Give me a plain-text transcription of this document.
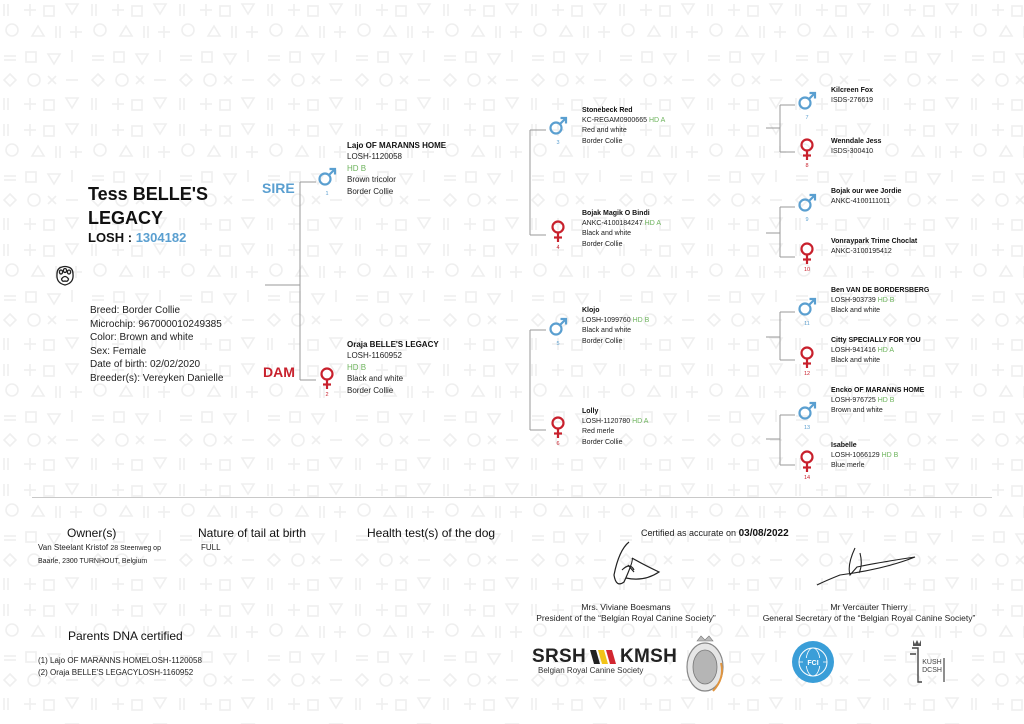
Tess BELLE'S LEGACY
LOSH : 1304182
Breed: Border Collie
Microchip: 967000010249385
Color: Brown and white
Sex: Female
Date of birth: 02/02/2020
Breeder(s): Vereyken Danielle
SIRE
DAM
1
Lajo OF MARANNS HOME
LOSH-1120058
HD B
Brown tricolor
Border Collie
2
Oraja BELLE'S LEGACY
LOSH-1160952
HD B
Black and white
Border Collie
3
Stonebeck Red
KC-REGAM0900665 HD A
Red and white
Border Collie
4
Bojak Magik O Bindi
ANKC-4100184247 HD A
Black and white
Border Collie
5
Klojo
LOSH-1099760 HD B
Black and white
Border Collie
6
Lolly
LOSH-1120780 HD A
Red merle
Border Collie
7
Kilcreen Fox
ISDS-276619
8
Wenndale Jess
ISDS-300410
9
Bojak our wee Jordie
ANKC-4100111011
10
Vonraypark Trime Choclat
ANKC-3100195412
11
Ben VAN DE BORDERSBERG
LOSH-903739 HD B
Black and white
12
Citty SPECIALLY FOR YOU
LOSH-941416 HD A
Black and white
13
Encko OF MARANNS HOME
LOSH-976725 HD B
Brown and white
14
Isabelle
LOSH-1066129 HD B
Blue merle
Owner(s)
Van Steelant Kristof 28 Steenweg op
Baarle, 2300 TURNHOUT, Belgium
Nature of tail at birth
FULL
Health test(s) of the dog	Certified as accurate on 03/08/2022
Mrs. Viviane Boesmans
President of the “Belgian Royal Canine Society”
Mr Vercauter Thierry
General Secretary of the “Belgian Royal Canine Society”
Parents DNA certified
(1) Lajo OF MARANNS HOMELOSH-1120058
(2) Oraja BELLE'S LEGACYLOSH-1160952
SRSH KMSH
Belgian Royal Canine Society
FCI	KUSH
DCSH
